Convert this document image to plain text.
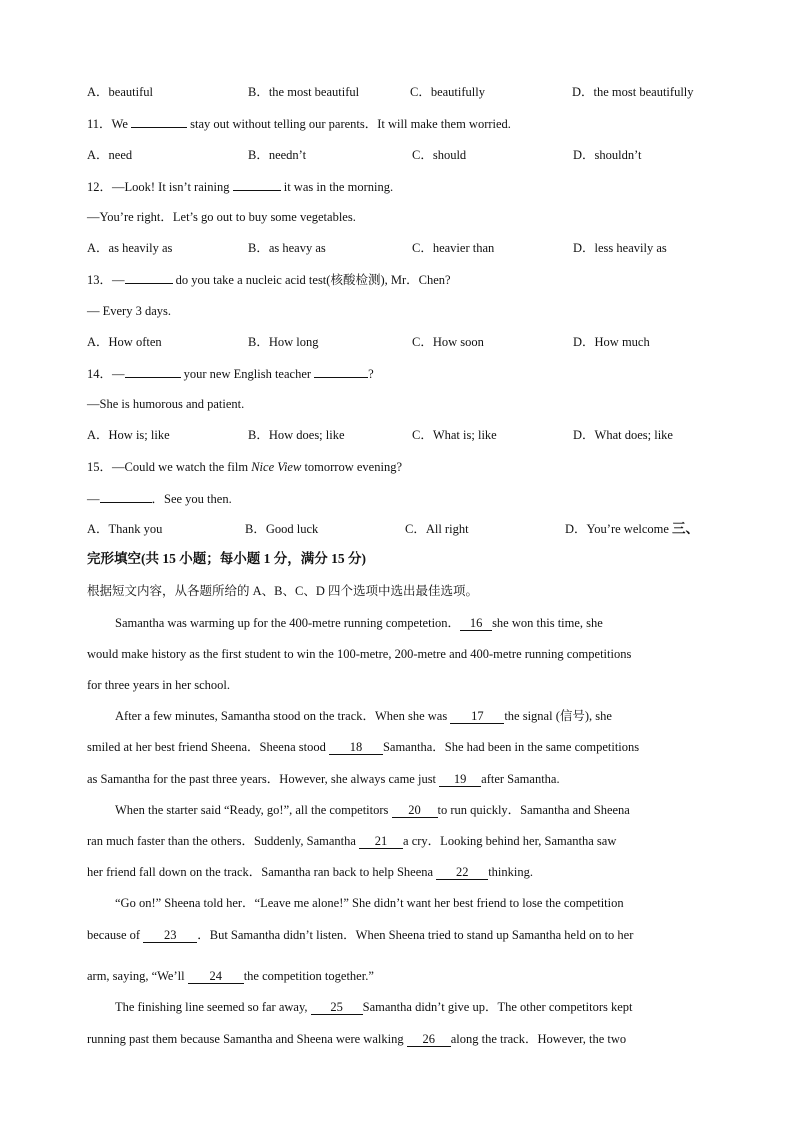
A．beautiful	B．the most beautiful	C．beautifully	D．the most beautifully
11．We	stay out without telling our parents．It will make them worried.
A．need	B．needn’t	C．should	D．shouldn’t
12．—Look! It isn’t raining	it was in the morning.
—You’re right．Let’s go out to buy some vegetables.
A．as heavily as	B．as heavy as	C．heavier than	D．less heavily as
13．—	do you take a nucleic acid test(核酸检测), Mr．Chen?
— Every 3 days.
A．How often	B．How long	C．How soon	D．How much
14．—	your new English teacher	?
—She is humorous and patient.
A．How is; like	B．How does; like	C．What is; like	D．What does; like
15．—Could we watch the film Nice View tomorrow evening?
—	．See you then.
A．Thank you	B．Good luck	C．All right	D．You’re welcome 三、
完形填空(共 15 小题；每小题 1 分，满分 15 分)
根据短文内容，从各题所给的 A、B、C、D 四个选项中选出最佳选项。
Samantha was warming up for the 400-metre running competetion． 16 she won this time, she
would make history as the first student to win the 100-metre, 200-metre and 400-metre running competitions
for three years in her school.
After a few minutes, Samantha stood on the track．When she was 17 the signal (信号), she
smiled at her best friend Sheena．Sheena stood 18 Samantha．She had been in the same competitions
as Samantha for the past three years．However, she always came just 19 after Samantha.
When the starter said “Ready, go!”, all the competitors 20 to run quickly．Samantha and Sheena
ran much faster than the others．Suddenly, Samantha 21 a cry．Looking behind her, Samantha saw
her friend fall down on the track．Samantha ran back to help Sheena 22 thinking.
“Go on!” Sheena told her．“Leave me alone!” She didn’t want her best friend to lose the competition
because of 23 ．But Samantha didn’t listen．When Sheena tried to stand up Samantha held on to her
arm, saying, “We’ll 24 the competition together.”
The finishing line seemed so far away, 25 Samantha didn’t give up．The other competitors kept
running past them because Samantha and Sheena were walking 26 along the track．However, the two
